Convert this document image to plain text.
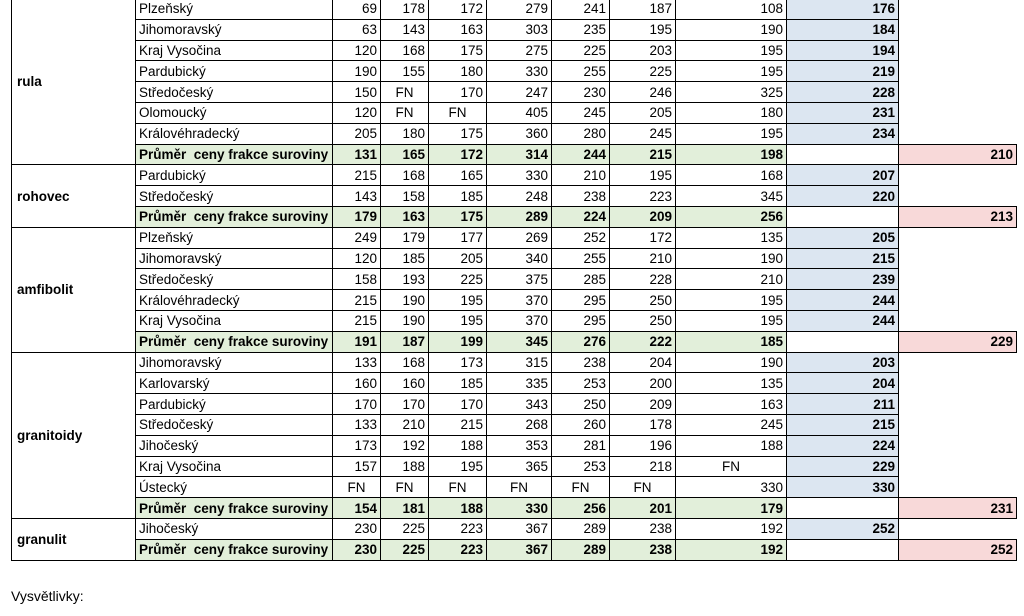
rula	Plzeňský	69	178	172	279	241	187	108	176	
	Jihomoravský	63	143	163	303	235	195	190	184	
	Kraj Vysočina	120	168	175	275	225	203	195	194	
	Pardubický	190	155	180	330	255	225	195	219	
	Středočeský	150	FN	170	247	230	246	325	228	
	Olomoucký	120	FN	FN	405	245	205	180	231	
	Královéhradecký	205	180	175	360	280	245	195	234	
	Průměr  ceny frakce suroviny	131	165	172	314	244	215	198		210
rohovec	Pardubický	215	168	165	330	210	195	168	207	
	Středočeský	143	158	185	248	238	223	345	220	
	Průměr  ceny frakce suroviny	179	163	175	289	224	209	256		213
amfibolit	Plzeňský	249	179	177	269	252	172	135	205	
	Jihomoravský	120	185	205	340	255	210	190	215	
	Středočeský	158	193	225	375	285	228	210	239	
	Královéhradecký	215	190	195	370	295	250	195	244	
	Kraj Vysočina	215	190	195	370	295	250	195	244	
	Průměr  ceny frakce suroviny	191	187	199	345	276	222	185		229
granitoidy	Jihomoravský	133	168	173	315	238	204	190	203	
	Karlovarský	160	160	185	335	253	200	135	204	
	Pardubický	170	170	170	343	250	209	163	211	
	Středočeský	133	210	215	268	260	178	245	215	
	Jihočeský	173	192	188	353	281	196	188	224	
	Kraj Vysočina	157	188	195	365	253	218	FN	229	
	Ústecký	FN	FN	FN	FN	FN	FN	330	330	
	Průměr  ceny frakce suroviny	154	181	188	330	256	201	179		231
granulit	Jihočeský	230	225	223	367	289	238	192	252	
	Průměr  ceny frakce suroviny	230	225	223	367	289	238	192		252
Vysvětlivky:
